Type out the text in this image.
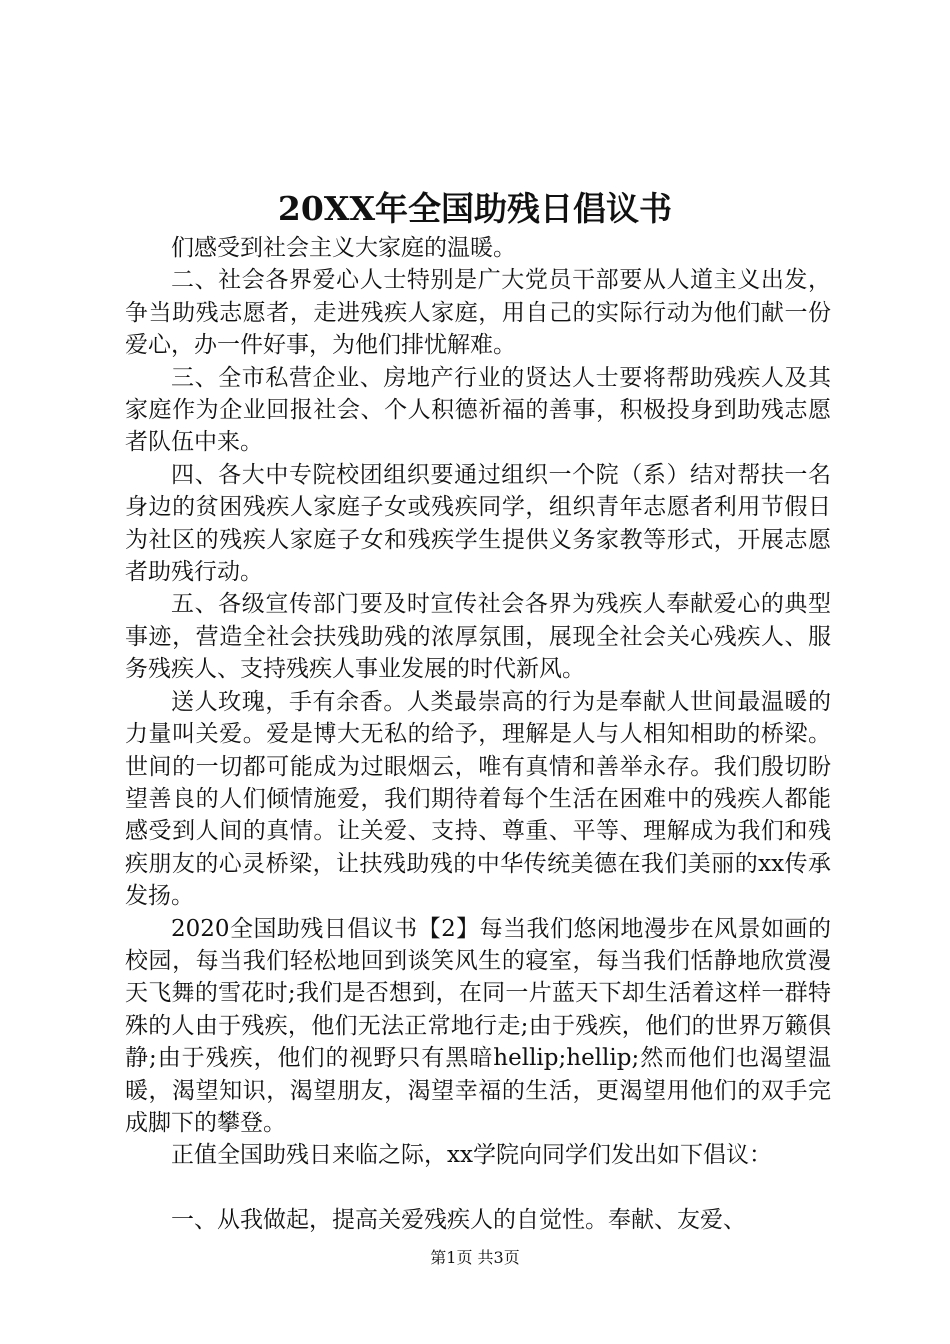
20XX年全国助残日倡议书

们感受到社会主义大家庭的温暖。

二、社会各界爱心人士特别是广大党员干部要从人道主义出发，争当助残志愿者，走进残疾人家庭，用自己的实际行动为他们献一份爱心，办一件好事，为他们排忧解难。

三、全市私营企业、房地产行业的贤达人士要将帮助残疾人及其家庭作为企业回报社会、个人积德祈福的善事，积极投身到助残志愿者队伍中来。

四、各大中专院校团组织要通过组织一个院（系）结对帮扶一名身边的贫困残疾人家庭子女或残疾同学，组织青年志愿者利用节假日为社区的残疾人家庭子女和残疾学生提供义务家教等形式，开展志愿者助残行动。

五、各级宣传部门要及时宣传社会各界为残疾人奉献爱心的典型事迹，营造全社会扶残助残的浓厚氛围，展现全社会关心残疾人、服务残疾人、支持残疾人事业发展的时代新风。

送人玫瑰，手有余香。人类最崇高的行为是奉献人世间最温暖的力量叫关爱。爱是博大无私的给予，理解是人与人相知相助的桥梁。世间的一切都可能成为过眼烟云，唯有真情和善举永存。我们殷切盼望善良的人们倾情施爱，我们期待着每个生活在困难中的残疾人都能感受到人间的真情。让关爱、支持、尊重、平等、理解成为我们和残疾朋友的心灵桥梁，让扶残助残的中华传统美德在我们美丽的xx传承发扬。

2020全国助残日倡议书【2】每当我们悠闲地漫步在风景如画的校园，每当我们轻松地回到谈笑风生的寝室，每当我们恬静地欣赏漫天飞舞的雪花时;我们是否想到，在同一片蓝天下却生活着这样一群特殊的人由于残疾，他们无法正常地行走;由于残疾，他们的世界万籁俱静;由于残疾，他们的视野只有黑暗hellip;hellip;然而他们也渴望温暖，渴望知识，渴望朋友，渴望幸福的生活，更渴望用他们的双手完成脚下的攀登。

正值全国助残日来临之际，xx学院向同学们发出如下倡议：

一、从我做起，提高关爱残疾人的自觉性。奉献、友爱、

第1页 共3页
